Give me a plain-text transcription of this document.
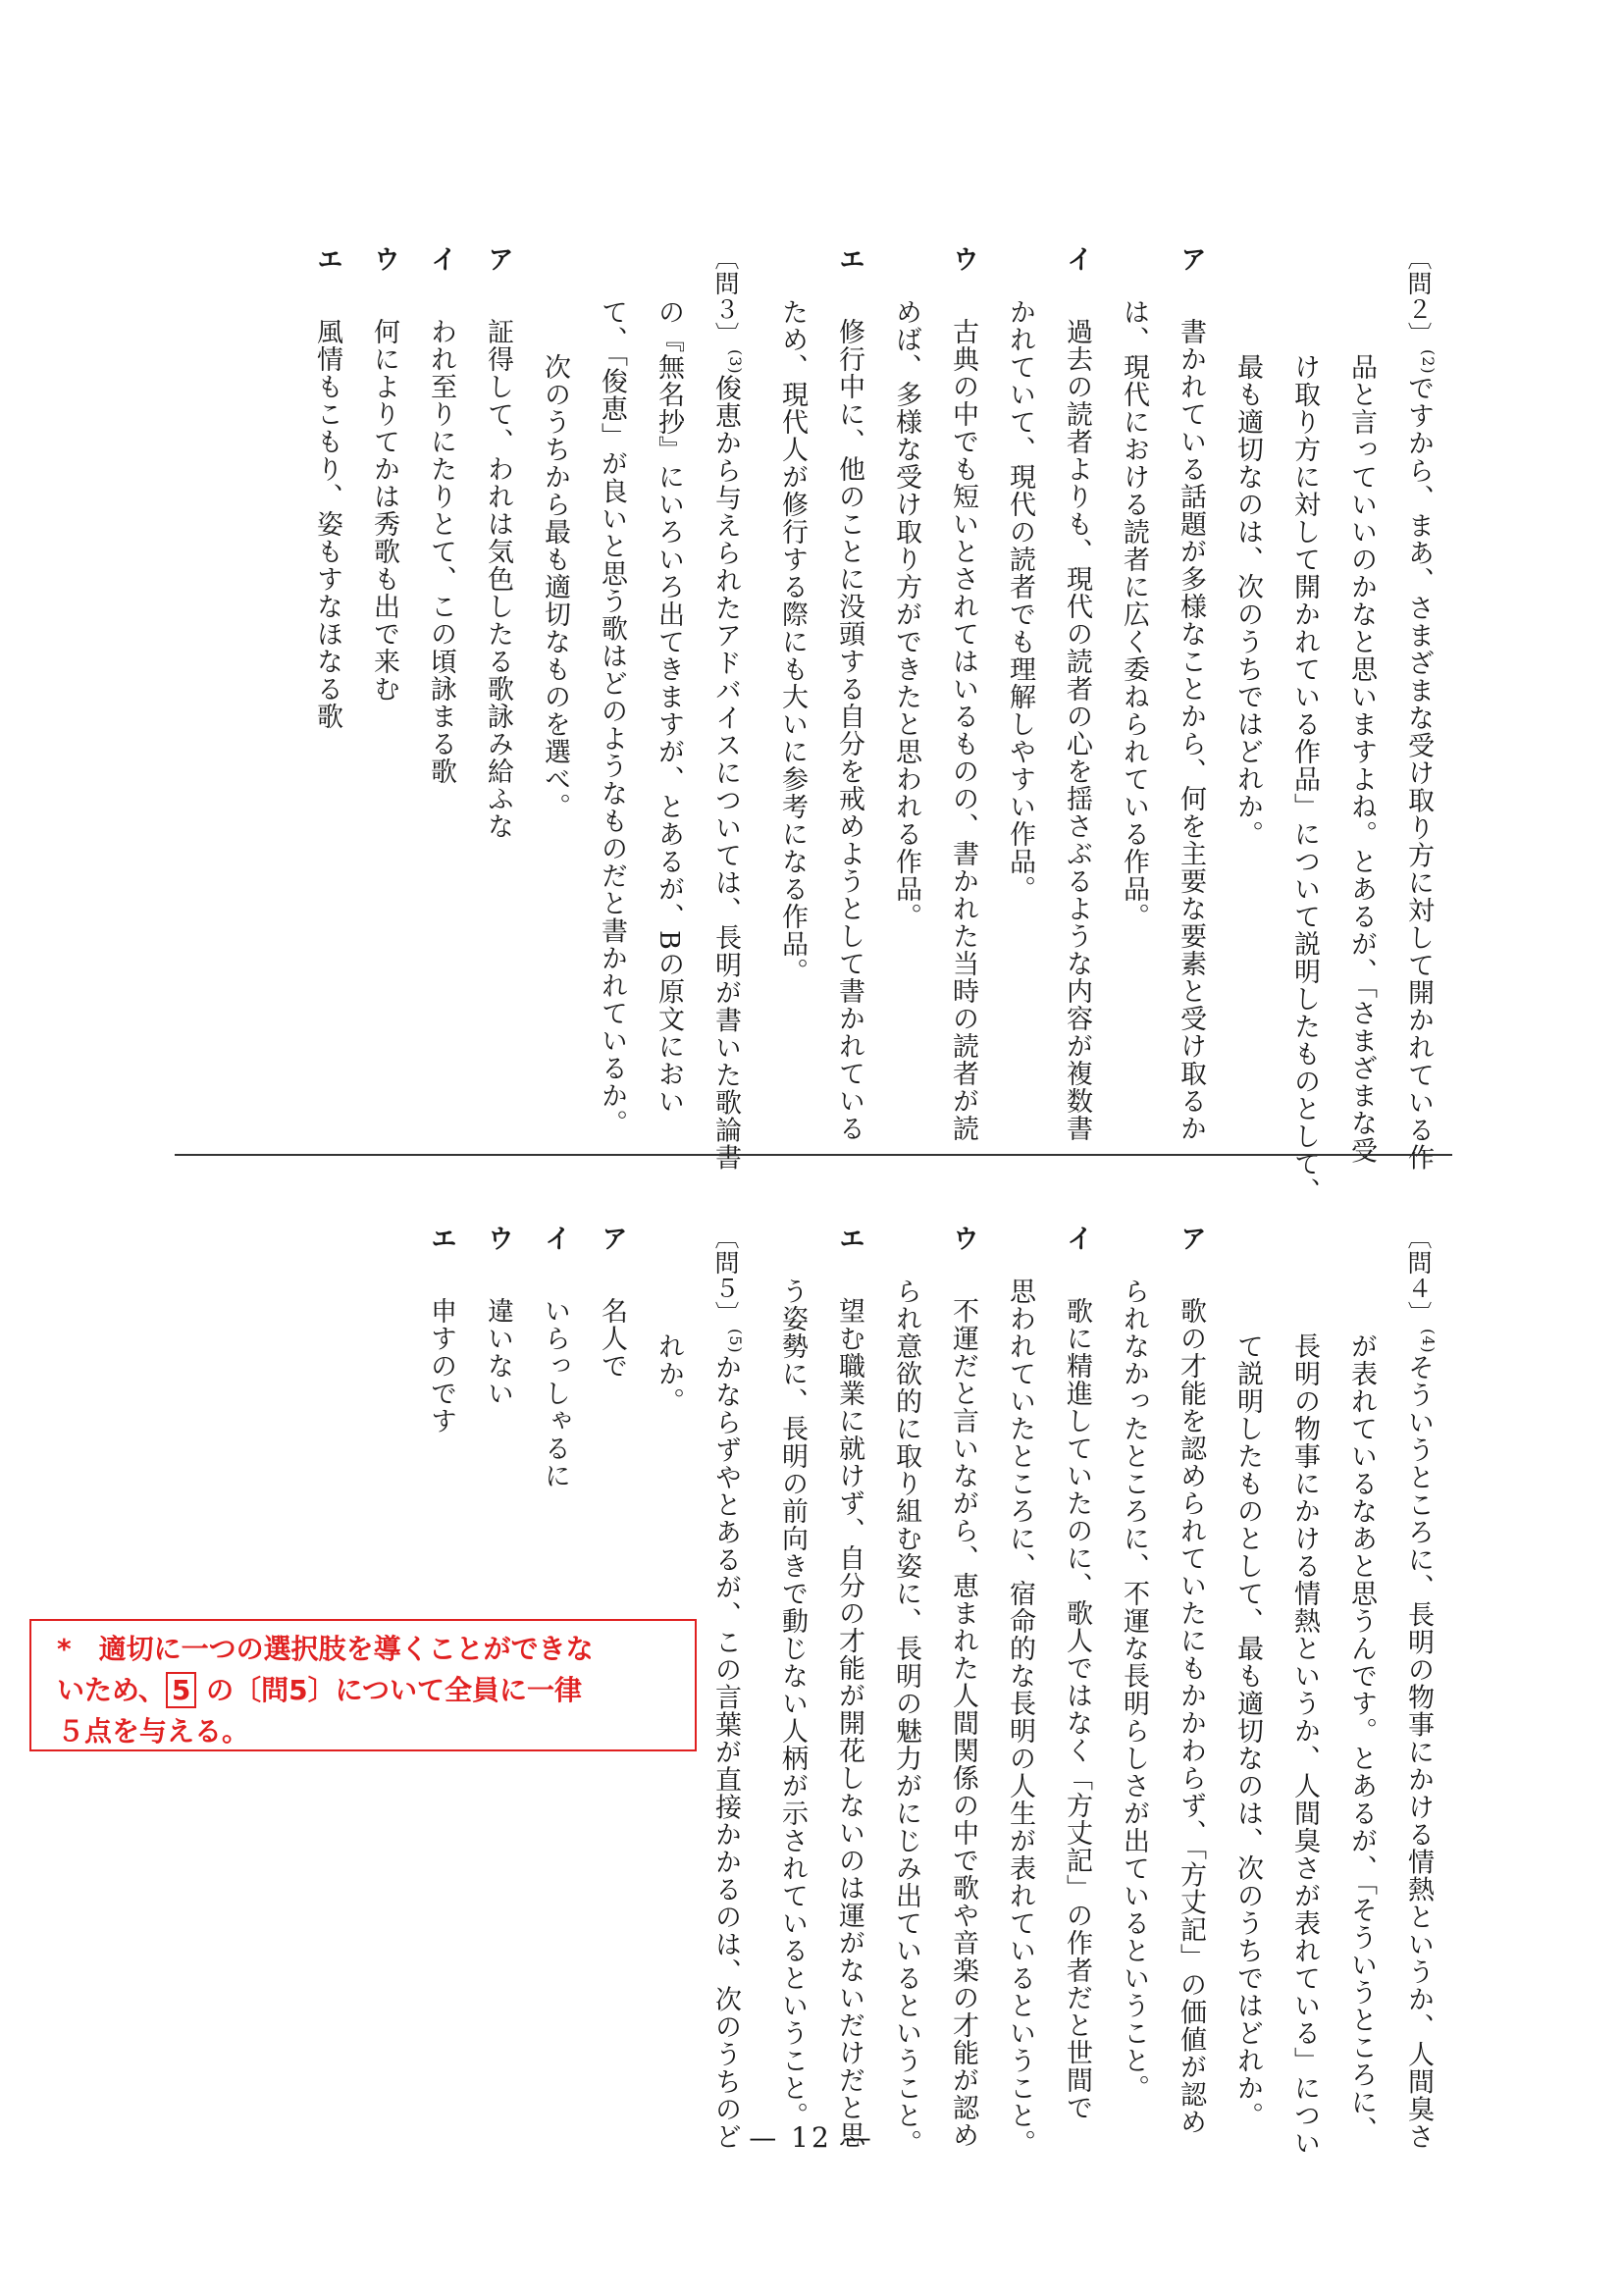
〔問２〕$^{(2)}$ですから、まあ、さまざまな受け取り方に対して開かれている作
品と言っていいのかなと思いますよね。とあるが、「さまざまな受
け取り方に対して開かれている作品」について説明したものとして、
最も適切なのは、次のうちではどれか。
ア　書かれている話題が多様なことから、何を主要な要素と受け取るか
は、現代における読者に広く委ねられている作品。
イ　過去の読者よりも、現代の読者の心を揺さぶるような内容が複数書
かれていて、現代の読者でも理解しやすい作品。
ウ　古典の中でも短いとされてはいるものの、書かれた当時の読者が読
めば、多様な受け取り方ができたと思われる作品。
エ　修行中に、他のことに没頭する自分を戒めようとして書かれている
ため、現代人が修行する際にも大いに参考になる作品。
〔問３〕$^{(3)}$俊恵から与えられたアドバイスについては、長明が書いた歌論書
の『無名抄』にいろいろ出てきますが、とあるが、Bの原文におい
て、「俊恵」が良いと思う歌はどのようなものだと書かれているか。
次のうちから最も適切なものを選べ。
ア　証得して、われは気色したる歌詠み給ふな
イ　われ至りにたりとて、この頃詠まる歌
ウ　何によりてかは秀歌も出で来む
エ　風情もこもり、姿もすなほなる歌
〔問４〕$^{(4)}$そういうところに、長明の物事にかける情熱というか、人間臭さ
が表れているなあと思うんです。とあるが、「そういうところに、
長明の物事にかける情熱というか、人間臭さが表れている」につい
て説明したものとして、最も適切なのは、次のうちではどれか。
ア　歌の才能を認められていたにもかかわらず、「方丈記」の価値が認め
られなかったところに、不運な長明らしさが出ているということ。
イ　歌に精進していたのに、歌人ではなく「方丈記」の作者だと世間で
思われていたところに、宿命的な長明の人生が表れているということ。
ウ　不運だと言いながら、恵まれた人間関係の中で歌や音楽の才能が認め
られ意欲的に取り組む姿に、長明の魅力がにじみ出ているということ。
エ　望む職業に就けず、自分の才能が開花しないのは運がないだけだと思
う姿勢に、長明の前向きで動じない人柄が示されているということ。
〔問５〕$^{(5)}$かならずやとあるが、この言葉が直接かかるのは、次のうちのど
れか。
ア　名人で
イ　いらっしゃるに
ウ　違いない
エ　申すのです
*　適切に一つの選択肢を導くことができな
いため、 5 の〔問5〕について全員に一律
５点を与える。
— 12 —
